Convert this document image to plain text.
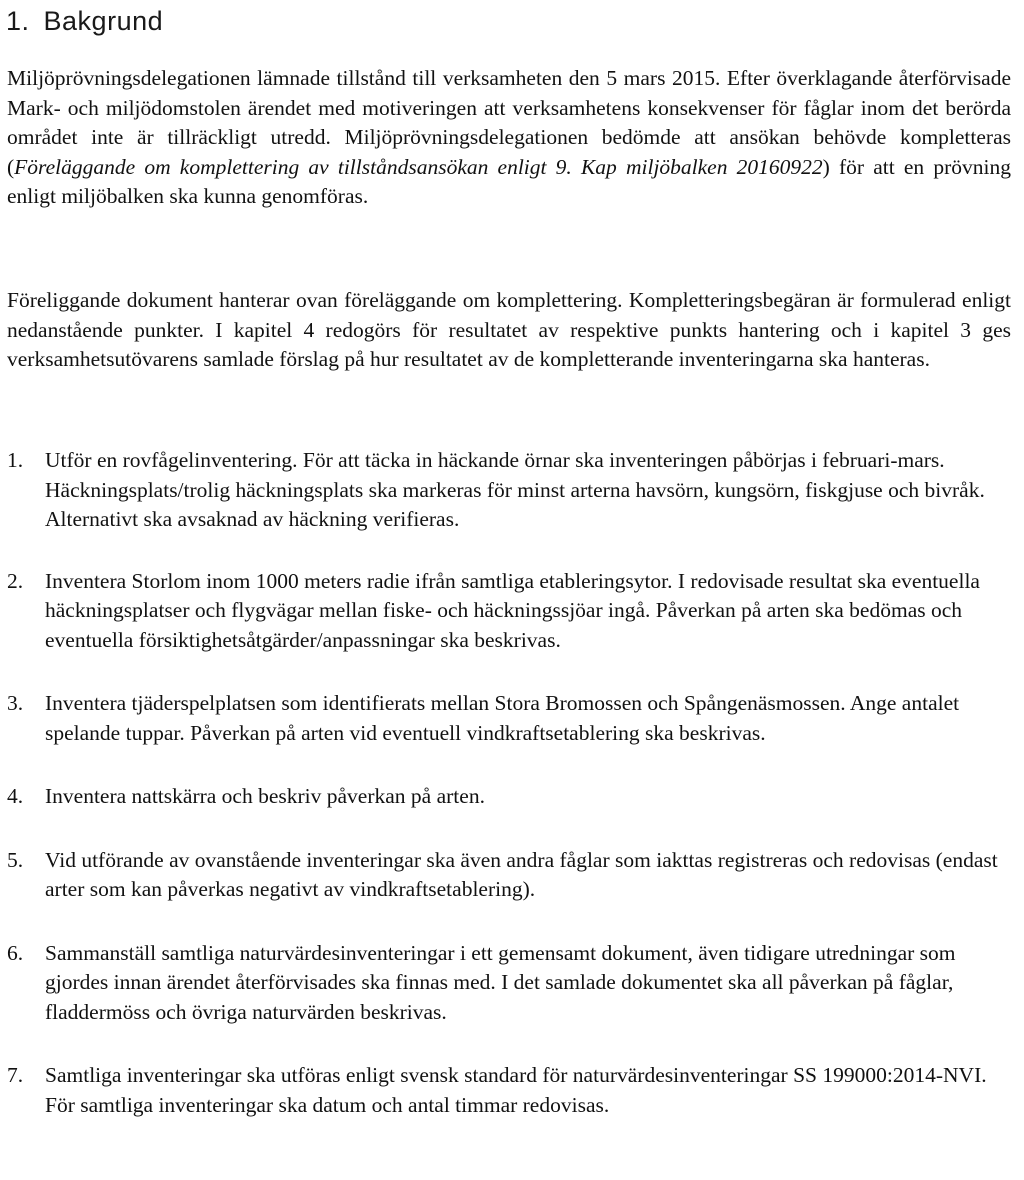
1. Bakgrund

Miljöprövningsdelegationen lämnade tillstånd till verksamheten den 5 mars 2015. Efter överklagande återförvisade Mark- och miljödomstolen ärendet med motiveringen att verksamhetens konsekvenser för fåglar inom det berörda området inte är tillräckligt utredd. Miljöprövningsdelegationen bedömde att ansökan behövde kompletteras (Föreläggande om komplettering av tillståndsansökan enligt 9. Kap miljöbalken 20160922) för att en prövning enligt miljöbalken ska kunna genomföras.

Föreliggande dokument hanterar ovan föreläggande om komplettering. Kompletteringsbegäran är formulerad enligt nedanstående punkter. I kapitel 4 redogörs för resultatet av respektive punkts hantering och i kapitel 3 ges verksamhetsutövarens samlade förslag på hur resultatet av de kompletterande inventeringarna ska hanteras.

1. Utför en rovfågelinventering. För att täcka in häckande örnar ska inventeringen påbörjas i februari-mars. Häckningsplats/trolig häckningsplats ska markeras för minst arterna havsörn, kungsörn, fiskgjuse och bivråk. Alternativt ska avsaknad av häckning verifieras.
2. Inventera Storlom inom 1000 meters radie ifrån samtliga etableringsytor. I redovisade resultat ska eventuella häckningsplatser och flygvägar mellan fiske- och häckningssjöar ingå. Påverkan på arten ska bedömas och eventuella försiktighetsåtgärder/anpassningar ska beskrivas.
3. Inventera tjäderspelplatsen som identifierats mellan Stora Bromossen och Spångenäsmossen. Ange antalet spelande tuppar. Påverkan på arten vid eventuell vindkraftsetablering ska beskrivas.
4. Inventera nattskärra och beskriv påverkan på arten.
5. Vid utförande av ovanstående inventeringar ska även andra fåglar som iakttas registreras och redovisas (endast arter som kan påverkas negativt av vindkraftsetablering).
6. Sammanställ samtliga naturvärdesinventeringar i ett gemensamt dokument, även tidigare utredningar som gjordes innan ärendet återförvisades ska finnas med. I det samlade dokumentet ska all påverkan på fåglar, fladdermöss och övriga naturvärden beskrivas.
7. Samtliga inventeringar ska utföras enligt svensk standard för naturvärdesinventeringar SS 199000:2014-NVI. För samtliga inventeringar ska datum och antal timmar redovisas.
